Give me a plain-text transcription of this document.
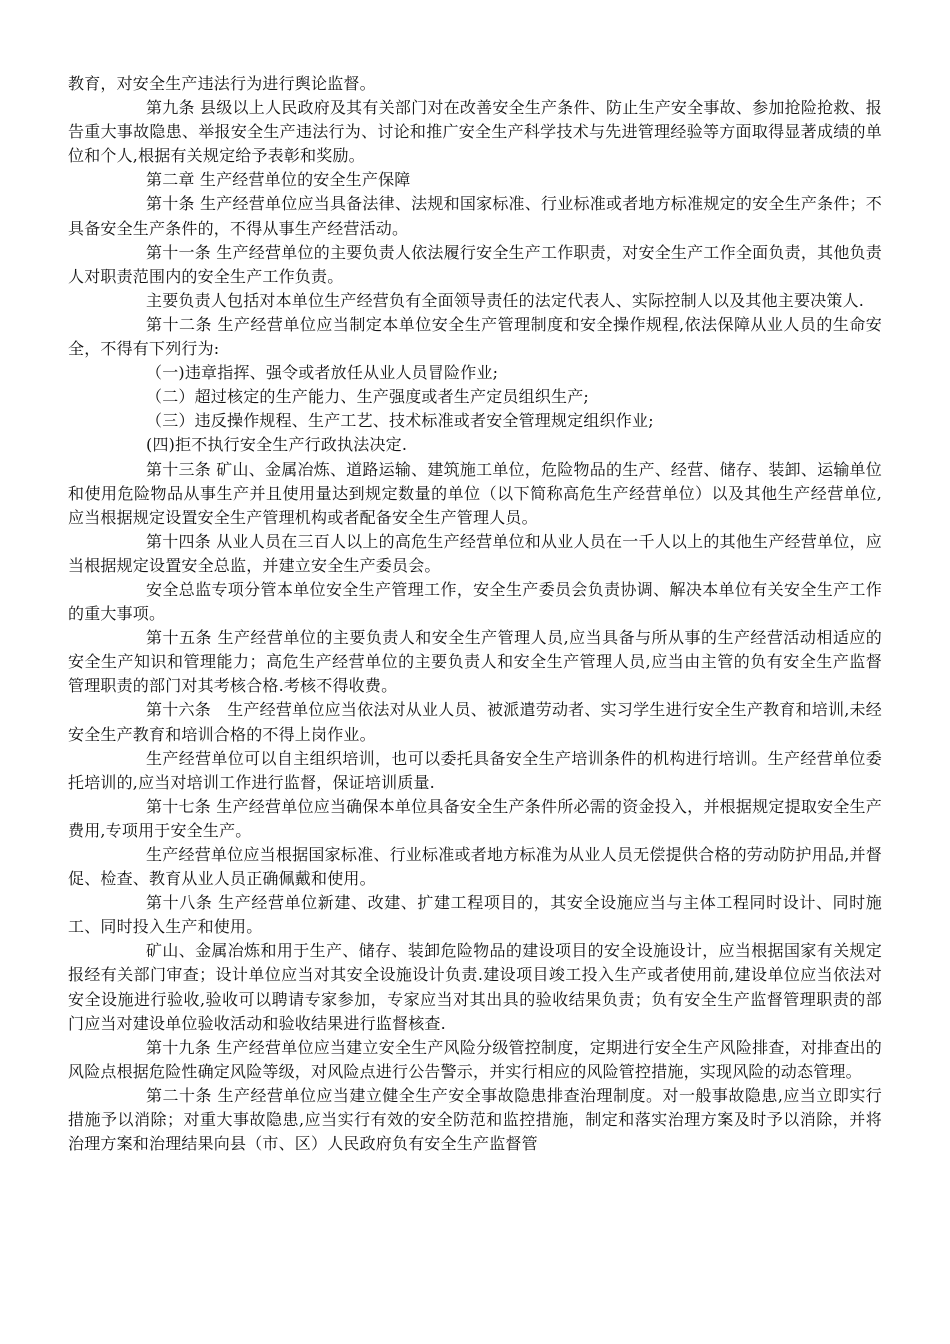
教育，对安全生产违法行为进行舆论监督。

第九条 县级以上人民政府及其有关部门对在改善安全生产条件、防止生产安全事故、参加抢险抢救、报告重大事故隐患、举报安全生产违法行为、讨论和推广安全生产科学技术与先进管理经验等方面取得显著成绩的单位和个人,根据有关规定给予表彰和奖励。

第二章 生产经营单位的安全生产保障

第十条 生产经营单位应当具备法律、法规和国家标准、行业标准或者地方标准规定的安全生产条件；不具备安全生产条件的，不得从事生产经营活动。

第十一条 生产经营单位的主要负责人依法履行安全生产工作职责，对安全生产工作全面负责，其他负责人对职责范围内的安全生产工作负责。

主要负责人包括对本单位生产经营负有全面领导责任的法定代表人、实际控制人以及其他主要决策人.

第十二条 生产经营单位应当制定本单位安全生产管理制度和安全操作规程,依法保障从业人员的生命安全，不得有下列行为:

（一)违章指挥、强令或者放任从业人员冒险作业;

（二）超过核定的生产能力、生产强度或者生产定员组织生产;

（三）违反操作规程、生产工艺、技术标准或者安全管理规定组织作业;

(四)拒不执行安全生产行政执法决定.

第十三条 矿山、金属冶炼、道路运输、建筑施工单位，危险物品的生产、经营、储存、装卸、运输单位和使用危险物品从事生产并且使用量达到规定数量的单位（以下简称高危生产经营单位）以及其他生产经营单位,应当根据规定设置安全生产管理机构或者配备安全生产管理人员。

第十四条 从业人员在三百人以上的高危生产经营单位和从业人员在一千人以上的其他生产经营单位，应当根据规定设置安全总监，并建立安全生产委员会。

安全总监专项分管本单位安全生产管理工作，安全生产委员会负责协调、解决本单位有关安全生产工作的重大事项。

第十五条 生产经营单位的主要负责人和安全生产管理人员,应当具备与所从事的生产经营活动相适应的安全生产知识和管理能力；高危生产经营单位的主要负责人和安全生产管理人员,应当由主管的负有安全生产监督管理职责的部门对其考核合格.考核不得收费。

第十六条　生产经营单位应当依法对从业人员、被派遣劳动者、实习学生进行安全生产教育和培训,未经安全生产教育和培训合格的不得上岗作业。

生产经营单位可以自主组织培训，也可以委托具备安全生产培训条件的机构进行培训。生产经营单位委托培训的,应当对培训工作进行监督，保证培训质量.

第十七条 生产经营单位应当确保本单位具备安全生产条件所必需的资金投入，并根据规定提取安全生产费用,专项用于安全生产。

生产经营单位应当根据国家标准、行业标准或者地方标准为从业人员无偿提供合格的劳动防护用品,并督促、检查、教育从业人员正确佩戴和使用。

第十八条 生产经营单位新建、改建、扩建工程项目的，其安全设施应当与主体工程同时设计、同时施工、同时投入生产和使用。

矿山、金属冶炼和用于生产、储存、装卸危险物品的建设项目的安全设施设计，应当根据国家有关规定报经有关部门审查；设计单位应当对其安全设施设计负责.建设项目竣工投入生产或者使用前,建设单位应当依法对安全设施进行验收,验收可以聘请专家参加，专家应当对其出具的验收结果负责；负有安全生产监督管理职责的部门应当对建设单位验收活动和验收结果进行监督核查.

第十九条 生产经营单位应当建立安全生产风险分级管控制度，定期进行安全生产风险排查，对排查出的风险点根据危险性确定风险等级，对风险点进行公告警示，并实行相应的风险管控措施，实现风险的动态管理。

第二十条 生产经营单位应当建立健全生产安全事故隐患排查治理制度。对一般事故隐患,应当立即实行措施予以消除；对重大事故隐患,应当实行有效的安全防范和监控措施，制定和落实治理方案及时予以消除，并将治理方案和治理结果向县（市、区）人民政府负有安全生产监督管
